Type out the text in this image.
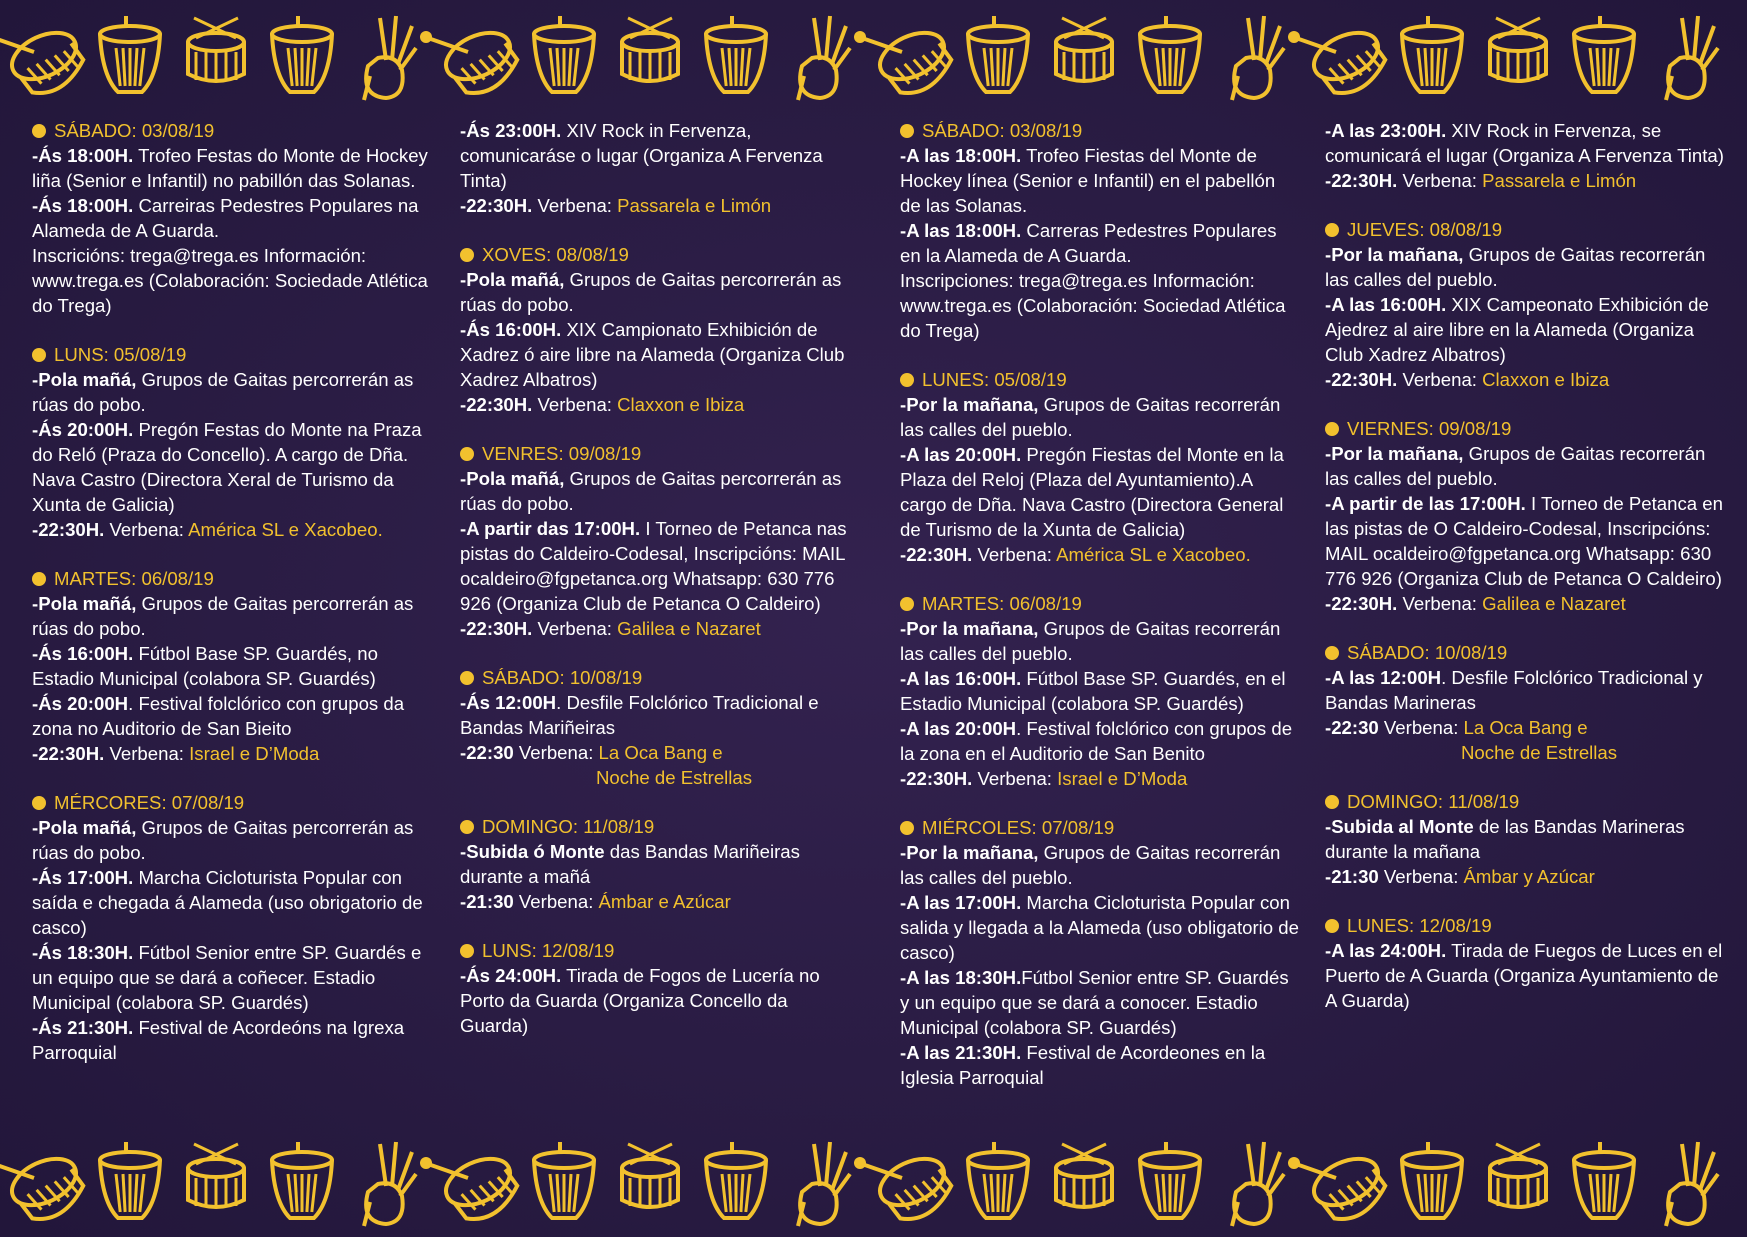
SÁBADO: 03/08/19
-Ás 18:00H. Trofeo Festas do Monte de Hockey liña (Senior e Infantil) no pabillón das Solanas.
-Ás 18:00H. Carreiras Pedestres Populares na Alameda de A Guarda.
Inscricións: trega@trega.es Información: www.trega.es (Colaboración: Sociedade Atlética do Trega)
LUNS: 05/08/19
-Pola mañá, Grupos de Gaitas percorrerán as rúas do pobo.
-Ás 20:00H. Pregón Festas do Monte na Praza do Reló (Praza do Concello). A cargo de Dña. Nava Castro (Directora Xeral de Turismo da Xunta de Galicia)
-22:30H. Verbena: América SL e Xacobeo.
MARTES: 06/08/19
-Pola mañá, Grupos de Gaitas percorrerán as rúas do pobo.
-Ás 16:00H. Fútbol Base SP. Guardés, no Estadio Municipal (colabora SP. Guardés)
-Ás 20:00H. Festival folclórico con grupos da zona no Auditorio de San Bieito
-22:30H. Verbena: Israel e D’Moda
MÉRCORES: 07/08/19
-Pola mañá, Grupos de Gaitas percorrerán as rúas do pobo.
-Ás 17:00H. Marcha Cicloturista Popular con saída e chegada á Alameda (uso obrigatorio de casco)
-Ás 18:30H. Fútbol Senior entre SP. Guardés e un equipo que se dará a coñecer. Estadio Municipal (colabora SP. Guardés)
-Ás 21:30H. Festival de Acordeóns na Igrexa Parroquial
-Ás 23:00H. XIV Rock in Fervenza, comunicaráse o lugar (Organiza A Fervenza Tinta)
-22:30H. Verbena: Passarela e Limón
XOVES: 08/08/19
-Pola mañá, Grupos de Gaitas percorrerán as rúas do pobo.
-Ás 16:00H. XIX Campionato Exhibición de Xadrez ó aire libre na Alameda (Organiza Club Xadrez Albatros)
-22:30H. Verbena: Claxxon e Ibiza
VENRES: 09/08/19
-Pola mañá, Grupos de Gaitas percorrerán as rúas do pobo.
-A partir das 17:00H. I Torneo de Petanca nas pistas do Caldeiro-Codesal, Inscripcións: MAIL ocaldeiro@fgpetanca.org Whatsapp: 630 776 926 (Organiza Club de Petanca O Caldeiro)
-22:30H. Verbena: Galilea e Nazaret
SÁBADO: 10/08/19
-Ás 12:00H. Desfile Folclórico Tradicional e Bandas Mariñeiras
-22:30 Verbena: La Oca Bang e
Noche de Estrellas
DOMINGO: 11/08/19
-Subida ó Monte das Bandas Mariñeiras durante a mañá
-21:30 Verbena: Ámbar e Azúcar
LUNS: 12/08/19
-Ás 24:00H. Tirada de Fogos de Lucería no Porto da Guarda (Organiza Concello da Guarda)
SÁBADO: 03/08/19
-A las 18:00H. Trofeo Fiestas del Monte de Hockey línea (Senior e Infantil) en el pabellón de las Solanas.
-A las 18:00H. Carreras Pedestres Populares en la Alameda de A Guarda.
Inscripciones: trega@trega.es Información: www.trega.es (Colaboración: Sociedad Atlética do Trega)
LUNES: 05/08/19
-Por la mañana, Grupos de Gaitas recorrerán las calles del pueblo.
-A las 20:00H. Pregón Fiestas del Monte en la Plaza del Reloj (Plaza del Ayuntamiento).A cargo de Dña. Nava Castro (Directora General de Turismo de la Xunta de Galicia)
-22:30H. Verbena: América SL e Xacobeo.
MARTES: 06/08/19
-Por la mañana, Grupos de Gaitas recorrerán las calles del pueblo.
-A las 16:00H. Fútbol Base SP. Guardés, en el Estadio Municipal (colabora SP. Guardés)
-A las 20:00H. Festival folclórico con grupos de la zona en el Auditorio de San Benito
-22:30H. Verbena: Israel e D’Moda
MIÉRCOLES: 07/08/19
-Por la mañana, Grupos de Gaitas recorrerán las calles del pueblo.
-A las 17:00H. Marcha Cicloturista Popular con salida y llegada a la Alameda (uso obligatorio de casco)
-A las 18:30H.Fútbol Senior entre SP. Guardés y un equipo que se dará a conocer. Estadio Municipal (colabora SP. Guardés)
-A las 21:30H. Festival de Acordeones en la Iglesia Parroquial
-A las 23:00H. XIV Rock in Fervenza, se comunicará el lugar (Organiza A Fervenza Tinta)
-22:30H. Verbena: Passarela e Limón
JUEVES: 08/08/19
-Por la mañana, Grupos de Gaitas recorrerán las calles del pueblo.
-A las 16:00H. XIX Campeonato Exhibición de Ajedrez al aire libre en la Alameda (Organiza Club Xadrez Albatros)
-22:30H. Verbena: Claxxon e Ibiza
VIERNES: 09/08/19
-Por la mañana, Grupos de Gaitas recorrerán las calles del pueblo.
-A partir de las 17:00H. I Torneo de Petanca en las pistas de O Caldeiro-Codesal, Inscripcións: MAIL ocaldeiro@fgpetanca.org Whatsapp: 630 776 926 (Organiza Club de Petanca O Caldeiro)
-22:30H. Verbena: Galilea e Nazaret
SÁBADO: 10/08/19
-A las 12:00H. Desfile Folclórico Tradicional y Bandas Marineras
-22:30 Verbena: La Oca Bang e
Noche de Estrellas
DOMINGO: 11/08/19
-Subida al Monte de las Bandas Marineras durante la mañana
-21:30 Verbena: Ámbar y Azúcar
LUNES: 12/08/19
-A las 24:00H. Tirada de Fuegos de Luces en el Puerto de A Guarda (Organiza Ayuntamiento de A Guarda)
